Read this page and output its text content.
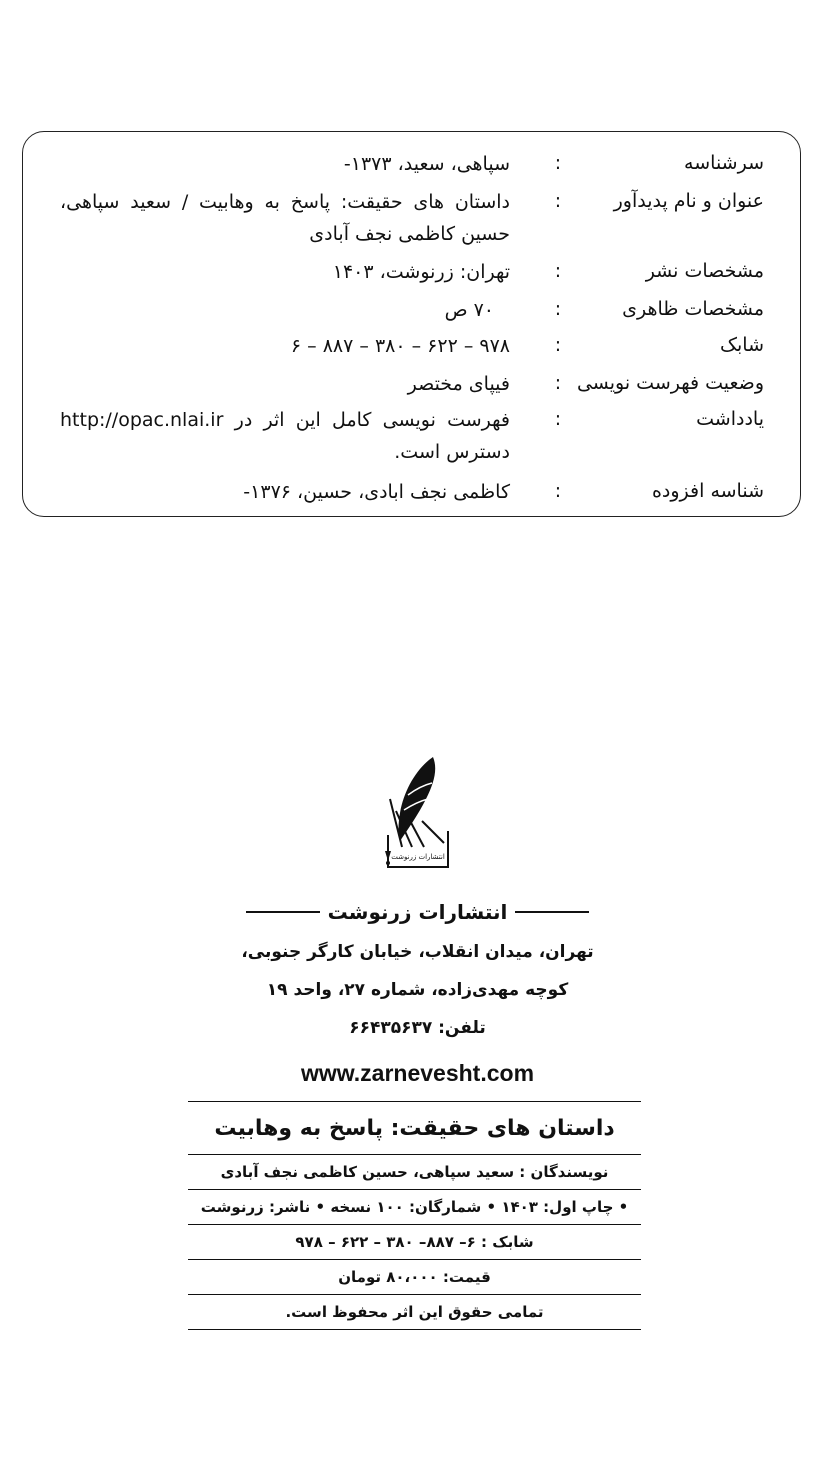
سرشناسه
:
سپاهی، سعید، ۱۳۷۳-
عنوان و نام پدیدآور
:
داستان های حقیقت: پاسخ به وهابیت / سعید سپاهی، حسین کاظمی نجف آبادی
مشخصات نشر
:
تهران: زرنوشت، ۱۴۰۳
مشخصات ظاهری
:
۷۰ ص
شابک
:
۹۷۸ – ۶۲۲ – ۳۸۰ – ۸۸۷ – ۶
وضعیت فهرست نویسی
:
فیپای مختصر
یادداشت
:
فهرست نویسی کامل این اثر در http://opac.nlai.ir دسترس است.
شناسه افزوده
:
کاظمی نجف ابادی، حسین، ۱۳۷۶-
انتشارات زرنوشت
انتشارات زرنوشت
تهران، میدان انقلاب، خیابان کارگر جنوبی،
کوچه مهدی‌زاده، شماره ۲۷، واحد ۱۹
تلفن: ۶۶۴۳۵۶۳۷
www.zarnevesht.com
داستان های حقیقت: پاسخ به وهابیت
نویسندگان : سعید سپاهی، حسین کاظمی نجف آبادی
• چاپ اول: ۱۴۰۳ • شمارگان: ۱۰۰ نسخه • ناشر: زرنوشت
شابک : ۶– ۸۸۷– ۳۸۰ – ۶۲۲ – ۹۷۸
قیمت: ۸۰،۰۰۰ تومان
تمامی حقوق این اثر محفوظ است.
